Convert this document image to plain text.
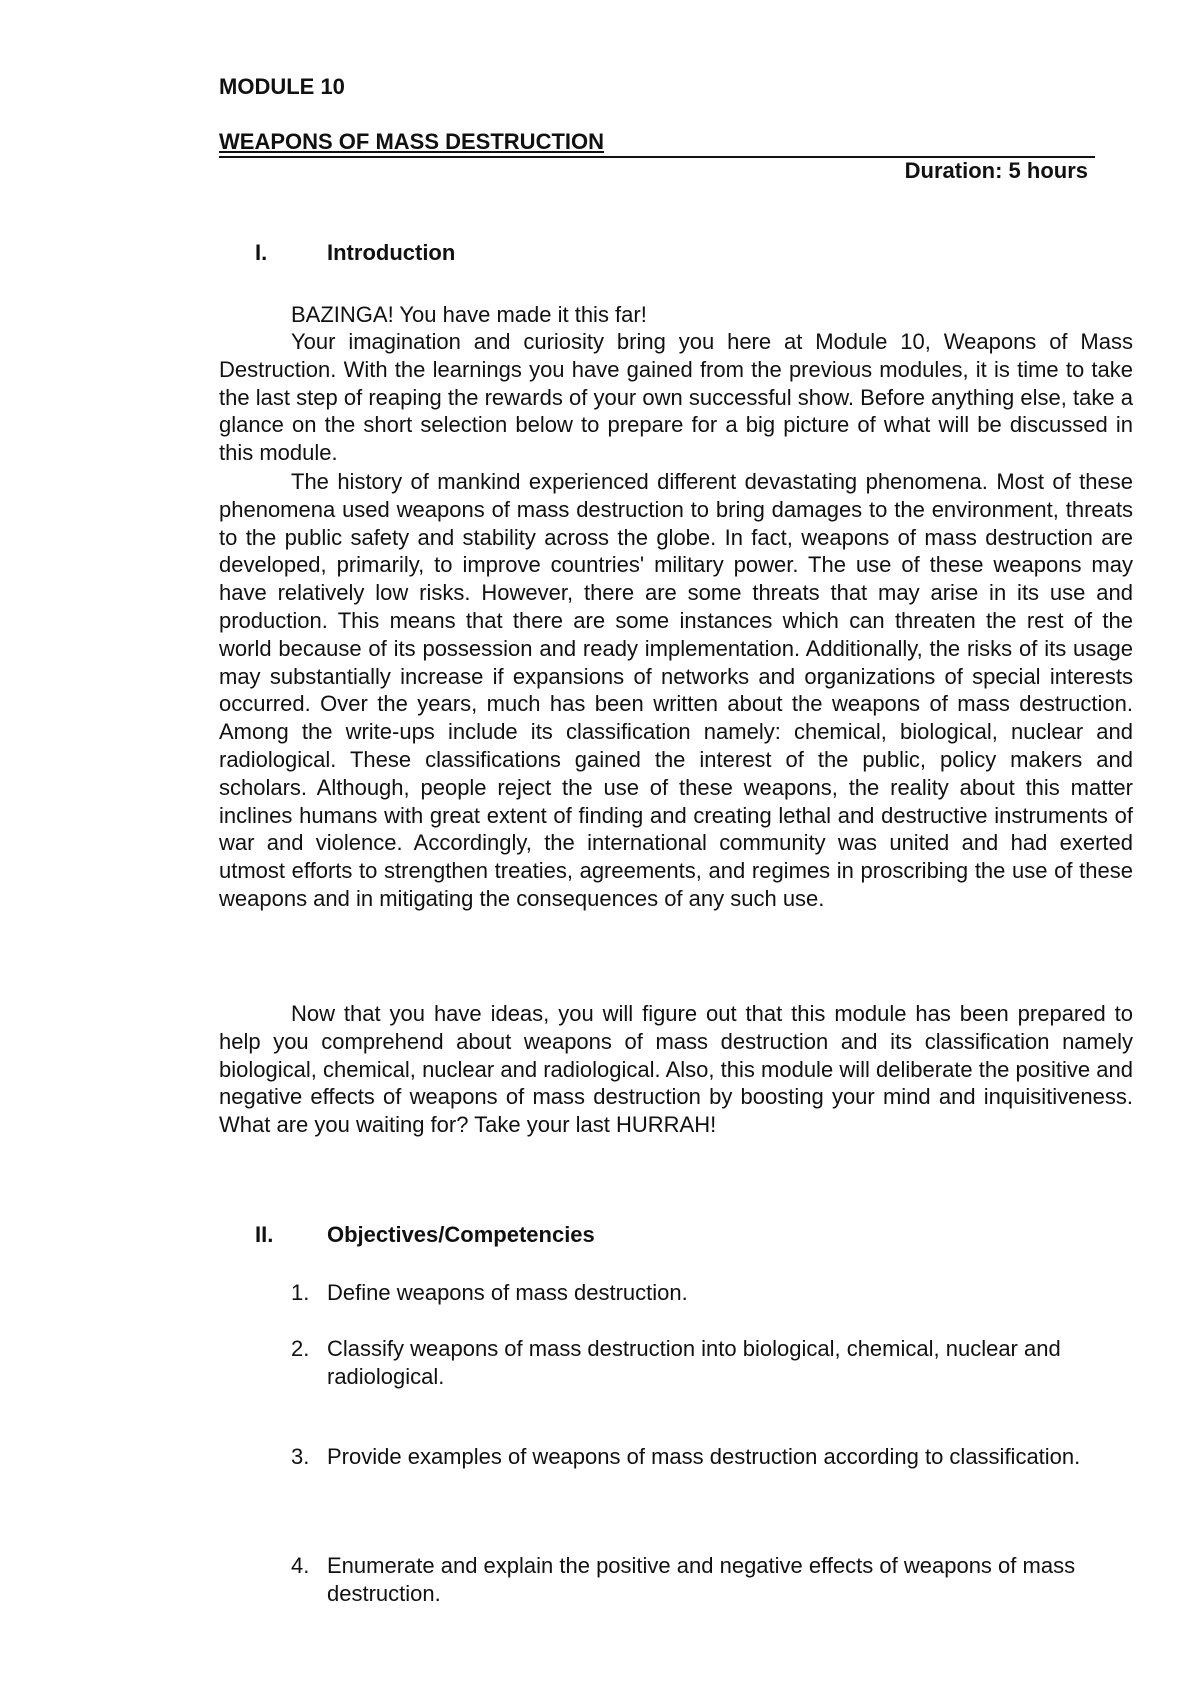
MODULE 10
WEAPONS OF MASS DESTRUCTION
Duration: 5 hours
I.	Introduction
BAZINGA! You have made it this far!

Your imagination and curiosity bring you here at Module 10, Weapons of Mass Destruction. With the learnings you have gained from the previous modules, it is time to take the last step of reaping the rewards of your own successful show. Before anything else, take a glance on the short selection below to prepare for a big picture of what will be discussed in this module.

The history of mankind experienced different devastating phenomena. Most of these phenomena used weapons of mass destruction to bring damages to the environment, threats to the public safety and stability across the globe. In fact, weapons of mass destruction are developed, primarily, to improve countries' military power. The use of these weapons may have relatively low risks. However, there are some threats that may arise in its use and production. This means that there are some instances which can threaten the rest of the world because of its possession and ready implementation. Additionally, the risks of its usage may substantially increase if expansions of networks and organizations of special interests occurred. Over the years, much has been written about the weapons of mass destruction. Among the write-ups include its classification namely: chemical, biological, nuclear and radiological. These classifications gained the interest of the public, policy makers and scholars. Although, people reject the use of these weapons, the reality about this matter inclines humans with great extent of finding and creating lethal and destructive instruments of war and violence. Accordingly, the international community was united and had exerted utmost efforts to strengthen treaties, agreements, and regimes in proscribing the use of these weapons and in mitigating the consequences of any such use.

Now that you have ideas, you will figure out that this module has been prepared to help you comprehend about weapons of mass destruction and its classification namely biological, chemical, nuclear and radiological. Also, this module will deliberate the positive and negative effects of weapons of mass destruction by boosting your mind and inquisitiveness. What are you waiting for? Take your last HURRAH!

II. Objectives/Competencies
1. Define weapons of mass destruction.
2. Classify weapons of mass destruction into biological, chemical, nuclear and radiological.
3. Provide examples of weapons of mass destruction according to classification.
4. Enumerate and explain the positive and negative effects of weapons of mass destruction.
